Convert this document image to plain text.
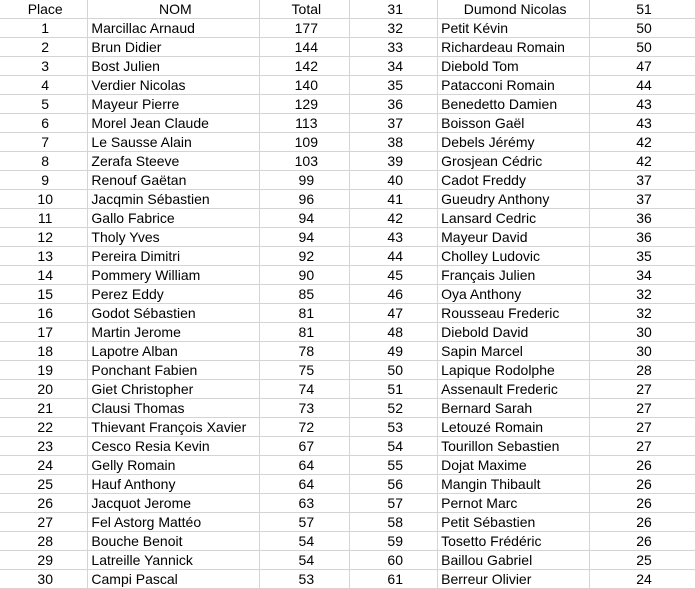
Place	NOM	Total	31	Dumond Nicolas	51
1	Marcillac Arnaud	177	32	Petit Kévin	50
2	Brun Didier	144	33	Richardeau Romain	50
3	Bost Julien	142	34	Diebold Tom	47
4	Verdier Nicolas	140	35	Patacconi Romain	44
5	Mayeur Pierre	129	36	Benedetto Damien	43
6	Morel Jean Claude	113	37	Boisson Gaël	43
7	Le Sausse Alain	109	38	Debels Jérémy	42
8	Zerafa Steeve	103	39	Grosjean Cédric	42
9	Renouf Gaëtan	99	40	Cadot Freddy	37
10	Jacqmin Sébastien	96	41	Gueudry Anthony	37
11	Gallo Fabrice	94	42	Lansard Cedric	36
12	Tholy Yves	94	43	Mayeur David	36
13	Pereira Dimitri	92	44	Cholley Ludovic	35
14	Pommery William	90	45	Français Julien	34
15	Perez Eddy	85	46	Oya Anthony	32
16	Godot Sébastien	81	47	Rousseau Frederic	32
17	Martin Jerome	81	48	Diebold David	30
18	Lapotre Alban	78	49	Sapin Marcel	30
19	Ponchant Fabien	75	50	Lapique Rodolphe	28
20	Giet Christopher	74	51	Assenault Frederic	27
21	Clausi Thomas	73	52	Bernard Sarah	27
22	Thievant François Xavier	72	53	Letouzé Romain	27
23	Cesco Resia Kevin	67	54	Tourillon Sebastien	27
24	Gelly Romain	64	55	Dojat Maxime	26
25	Hauf Anthony	64	56	Mangin Thibault	26
26	Jacquot Jerome	63	57	Pernot Marc	26
27	Fel Astorg Mattéo	57	58	Petit Sébastien	26
28	Bouche Benoit	54	59	Tosetto Frédéric	26
29	Latreille Yannick	54	60	Baillou Gabriel	25
30	Campi Pascal	53	61	Berreur Olivier	24
